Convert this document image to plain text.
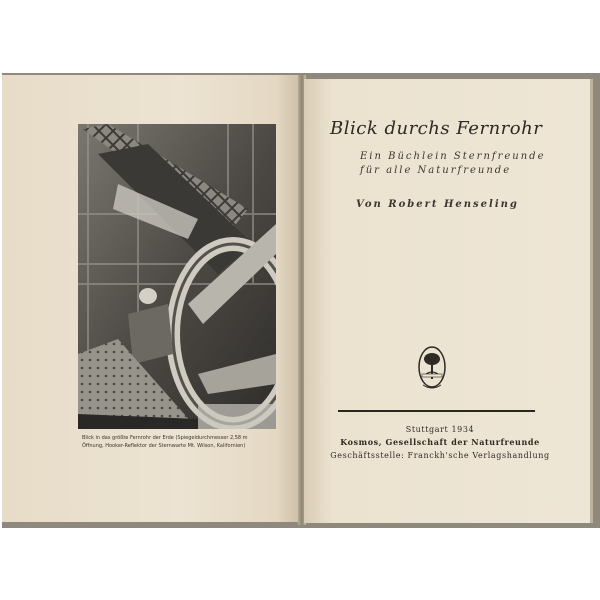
Blick in das größte Fernrohr der Erde (Spiegeldurchmesser 2,58 m
Öffnung, Hooker-Reflektor der Sternwarte Mt. Wilson, Kalifornien)
Blick durchs Fernrohr
Ein Büchlein Sternfreunde
für alle Naturfreunde
Von Robert Henseling
Stuttgart 1934
Kosmos, Gesellschaft der Naturfreunde
Geschäftsstelle: Franckh'sche Verlagshandlung
